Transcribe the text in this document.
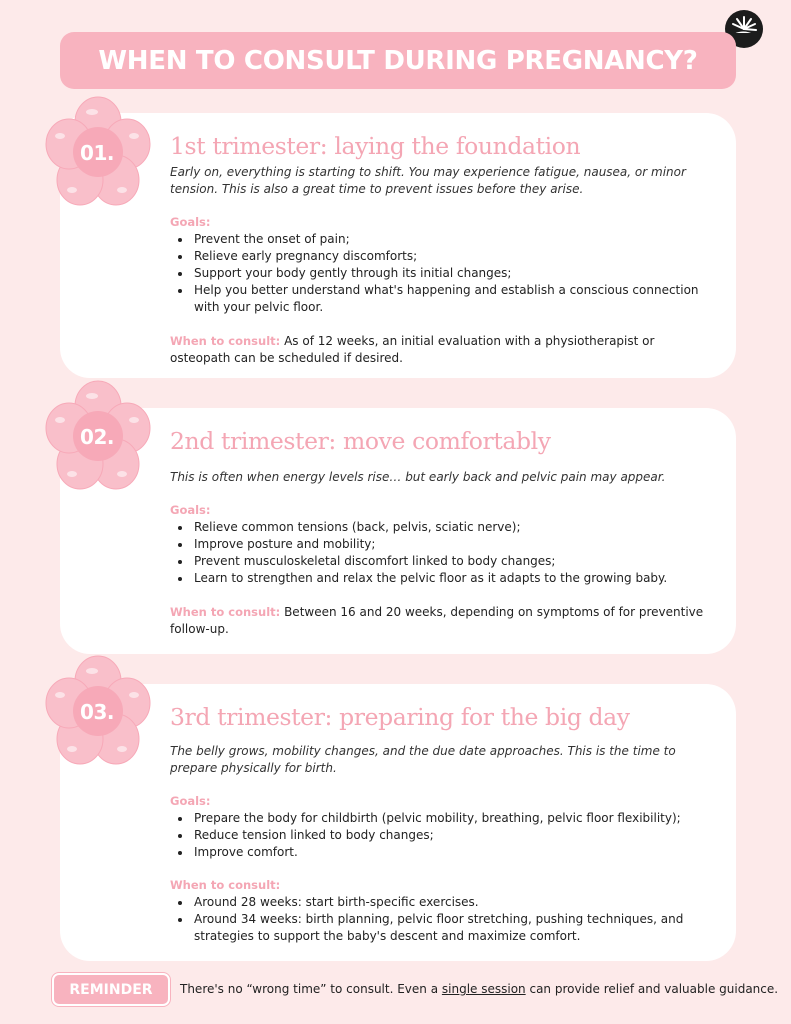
WHEN TO CONSULT DURING PREGNANCY?
1st trimester: laying the foundation

Early on, everything is starting to shift. You may experience fatigue, nausea, or minor tension. This is also a great time to prevent issues before they arise.

Goals:
Prevent the onset of pain;
Relieve early pregnancy discomforts;
Support your body gently through its initial changes;
Help you better understand what's happening and establish a conscious connection with your pelvic floor.

When to consult: As of 12 weeks, an initial evaluation with a physiotherapist or osteopath can be scheduled if desired.

2nd trimester: move comfortably

This is often when energy levels rise… but early back and pelvic pain may appear.

Goals:
Relieve common tensions (back, pelvis, sciatic nerve);
Improve posture and mobility;
Prevent musculoskeletal discomfort linked to body changes;
Learn to strengthen and relax the pelvic floor as it adapts to the growing baby.

When to consult: Between 16 and 20 weeks, depending on symptoms of for preventive follow-up.

3rd trimester: preparing for the big day

The belly grows, mobility changes, and the due date approaches. This is the time to prepare physically for birth.

Goals:
Prepare the body for childbirth (pelvic mobility, breathing, pelvic floor flexibility);
Reduce tension linked to body changes;
Improve comfort.
When to consult:
Around 28 weeks: start birth-specific exercises.
Around 34 weeks: birth planning, pelvic floor stretching, pushing techniques, and strategies to support the baby's descent and maximize comfort.
01.
02.
03.
REMINDER	There's no “wrong time” to consult. Even a single session can provide relief and valuable guidance.
